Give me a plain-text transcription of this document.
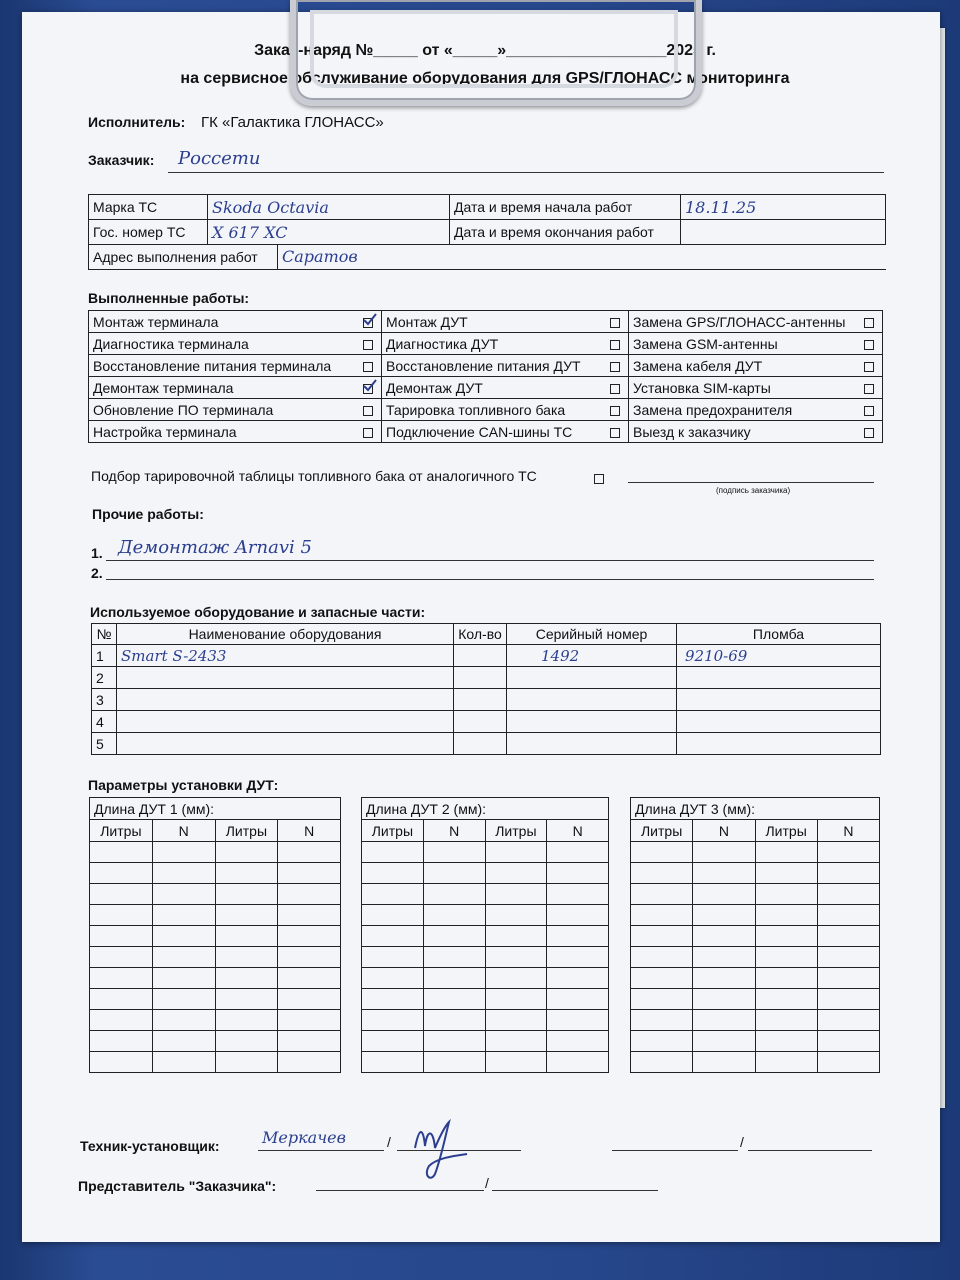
Заказ-наряд №_____ от «_____»__________________2025 г.
на сервисное обслуживание оборудования для GPS/ГЛОНАСС мониторинга
Исполнитель: ГК «Галактика ГЛОНАСС»
Заказчик: Россети
Марка ТС	Skoda Octavia	Дата и время начала работ	18.11.25
Гос. номер ТС	X 617 XC	Дата и время окончания работ	
Адрес выполнения работ	Саратов
Выполненные работы:
Монтаж терминала	Монтаж ДУТ	Замена GPS/ГЛОНАСС-антенны

Диагностика терминала	Диагностика ДУТ	Замена GSM-антенны

Восстановление питания терминала	Восстановление питания ДУТ	Замена кабеля ДУТ

Демонтаж терминала	Демонтаж ДУТ	Установка SIM-карты

Обновление ПО терминала	Тарировка топливного бака	Замена предохранителя

Настройка терминала	Подключение CAN-шины ТС	Выезд к заказчику
Подбор тарировочной таблицы топливного бака от аналогичного ТС
(подпись заказчика)
Прочие работы:
1. Демонтаж Arnavi 5
2.
Используемое оборудование и запасные части:
№	Наименование оборудования	Кол-во	Серийный номер	Пломба
1	Smart S-2433		1492	9210-69
2				
3				
4				
5				
Параметры установки ДУТ:
Длина ДУТ 1 (мм):			
Литры	N	Литры	N

Длина ДУТ 2 (мм):			
Литры	N	Литры	N

Длина ДУТ 3 (мм):			
Литры	N	Литры	N

Техник-установщик:	/
Меркачев	/
Представитель "Заказчика":	/
